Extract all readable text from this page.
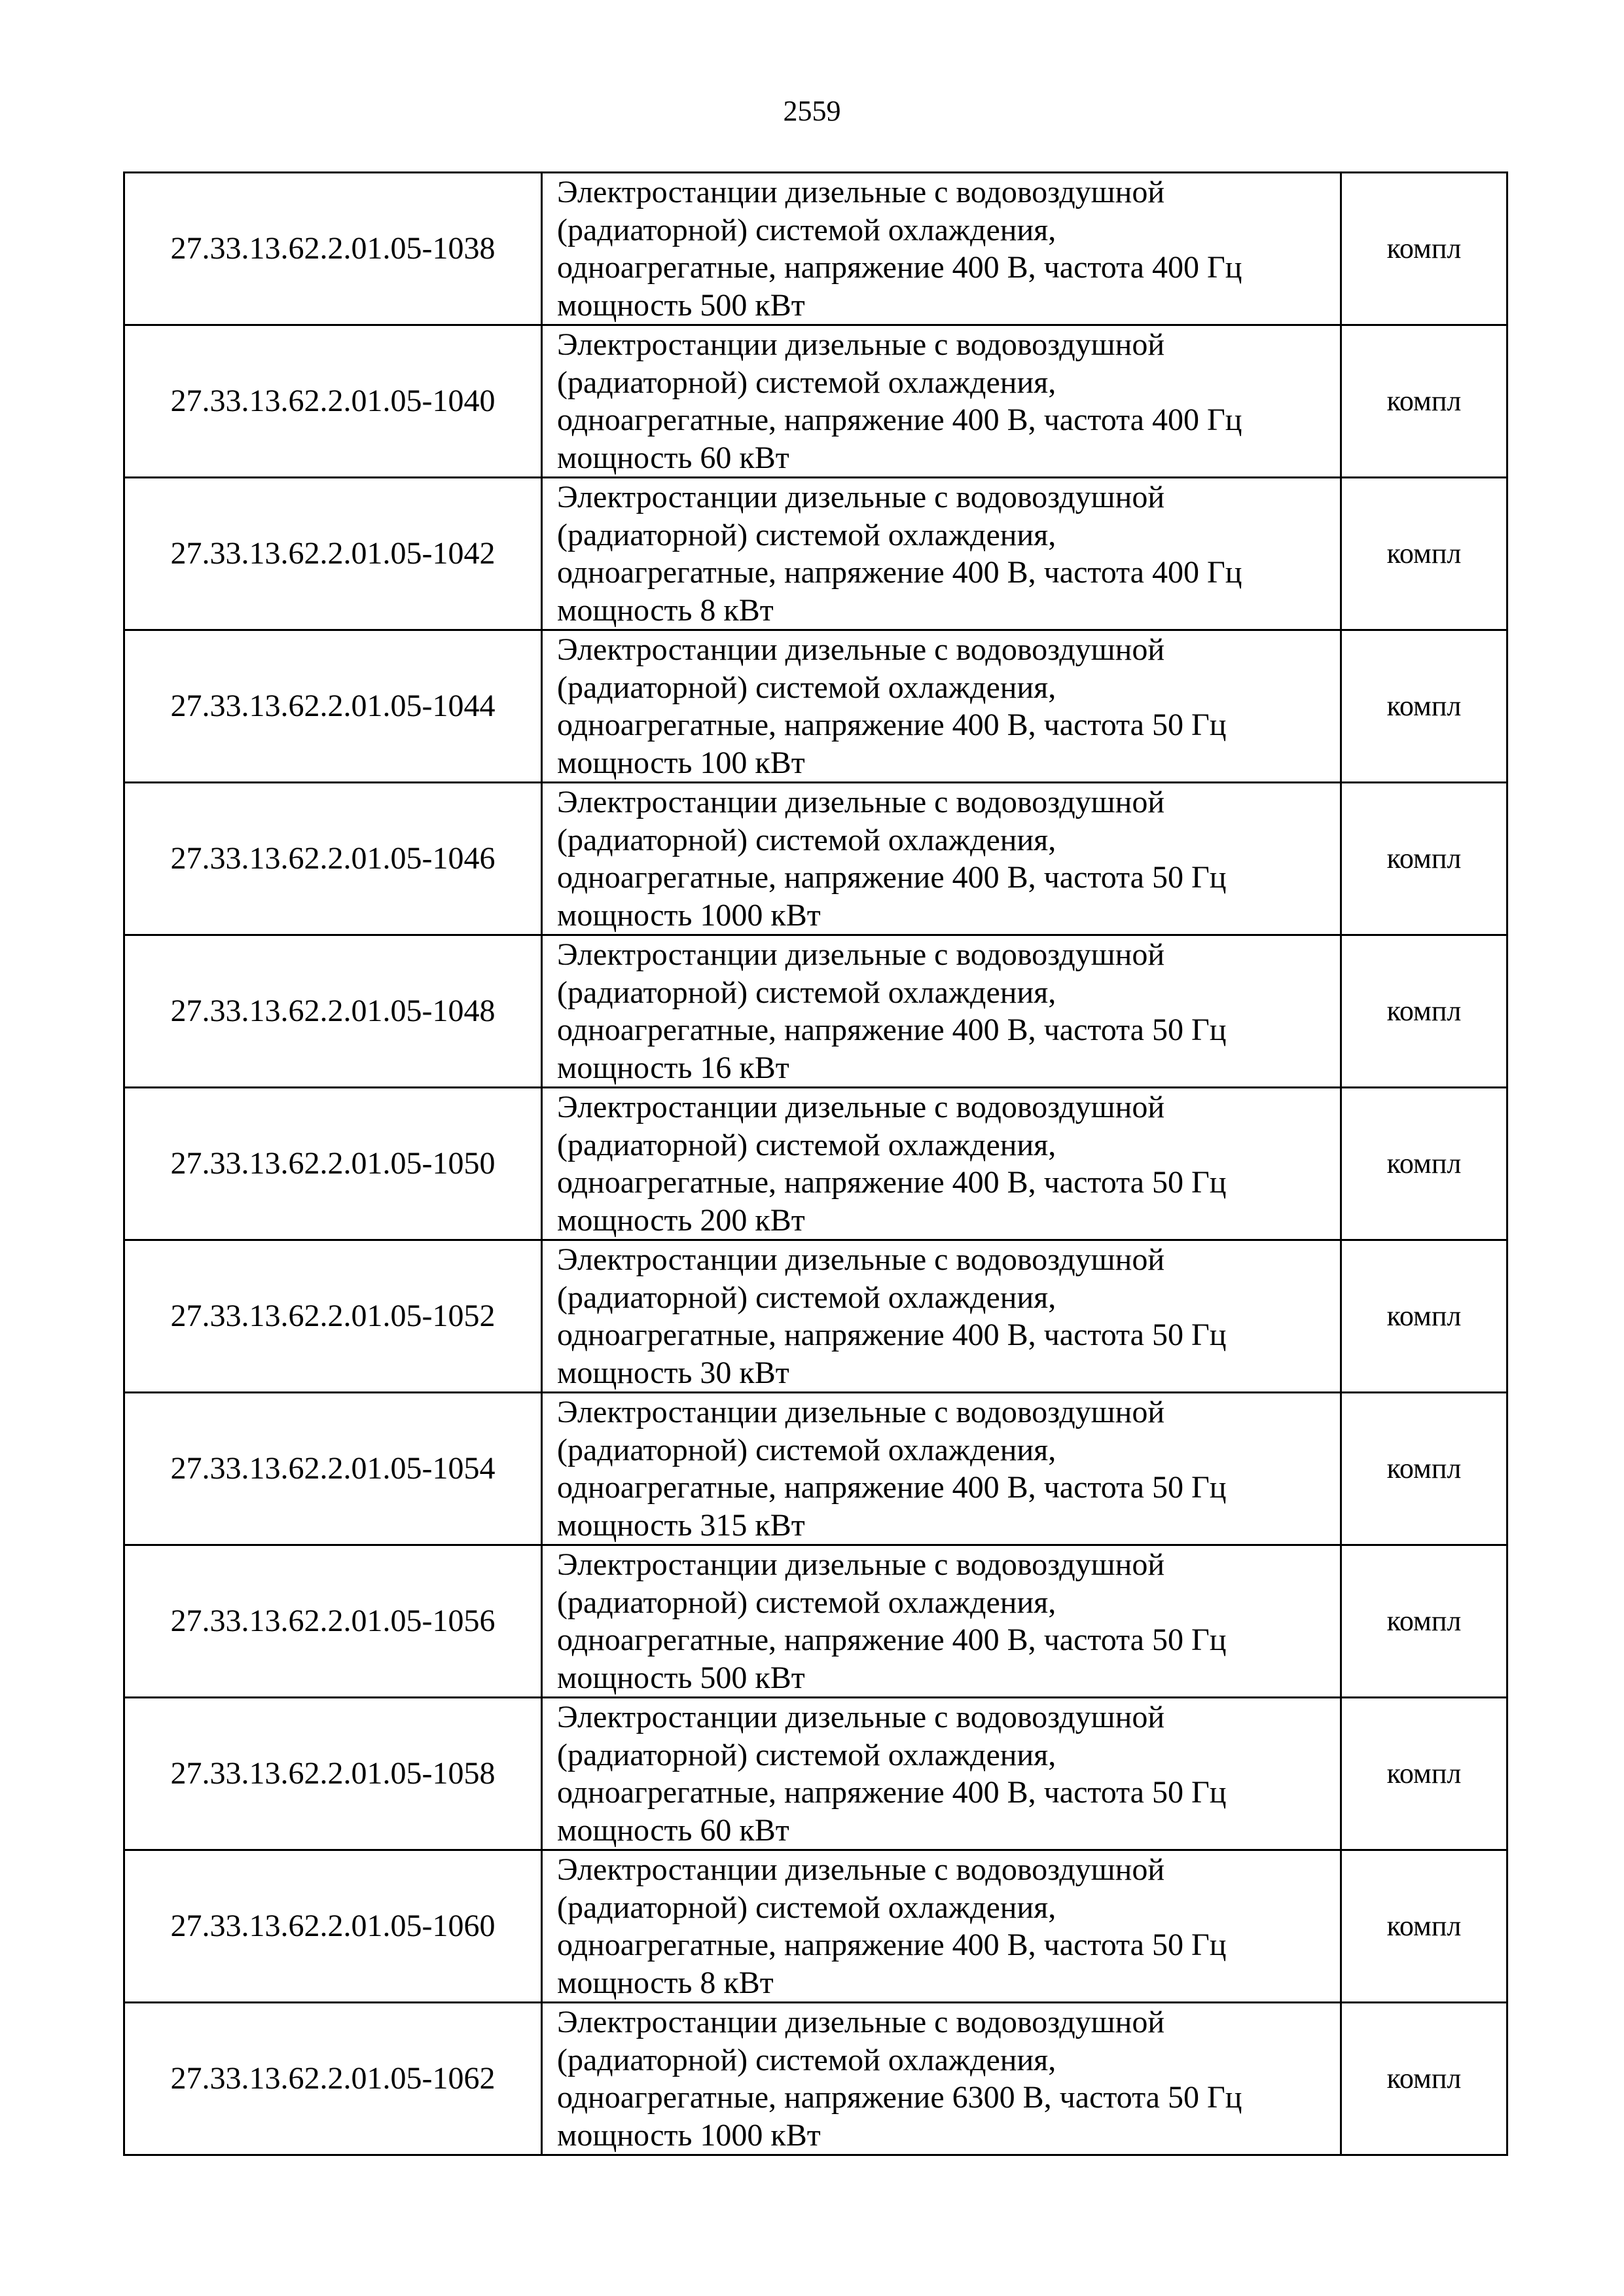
2559
27.33.13.62.2.01.05-1038	Электростанции дизельные с водовоздушной
(радиаторной) системой охлаждения,
одноагрегатные, напряжение 400 В, частота 400 Гц
мощность 500 кВт	компл
27.33.13.62.2.01.05-1040	Электростанции дизельные с водовоздушной
(радиаторной) системой охлаждения,
одноагрегатные, напряжение 400 В, частота 400 Гц
мощность 60 кВт	компл
27.33.13.62.2.01.05-1042	Электростанции дизельные с водовоздушной
(радиаторной) системой охлаждения,
одноагрегатные, напряжение 400 В, частота 400 Гц
мощность 8 кВт	компл
27.33.13.62.2.01.05-1044	Электростанции дизельные с водовоздушной
(радиаторной) системой охлаждения,
одноагрегатные, напряжение 400 В, частота 50 Гц
мощность 100 кВт	компл
27.33.13.62.2.01.05-1046	Электростанции дизельные с водовоздушной
(радиаторной) системой охлаждения,
одноагрегатные, напряжение 400 В, частота 50 Гц
мощность 1000 кВт	компл
27.33.13.62.2.01.05-1048	Электростанции дизельные с водовоздушной
(радиаторной) системой охлаждения,
одноагрегатные, напряжение 400 В, частота 50 Гц
мощность 16 кВт	компл
27.33.13.62.2.01.05-1050	Электростанции дизельные с водовоздушной
(радиаторной) системой охлаждения,
одноагрегатные, напряжение 400 В, частота 50 Гц
мощность 200 кВт	компл
27.33.13.62.2.01.05-1052	Электростанции дизельные с водовоздушной
(радиаторной) системой охлаждения,
одноагрегатные, напряжение 400 В, частота 50 Гц
мощность 30 кВт	компл
27.33.13.62.2.01.05-1054	Электростанции дизельные с водовоздушной
(радиаторной) системой охлаждения,
одноагрегатные, напряжение 400 В, частота 50 Гц
мощность 315 кВт	компл
27.33.13.62.2.01.05-1056	Электростанции дизельные с водовоздушной
(радиаторной) системой охлаждения,
одноагрегатные, напряжение 400 В, частота 50 Гц
мощность 500 кВт	компл
27.33.13.62.2.01.05-1058	Электростанции дизельные с водовоздушной
(радиаторной) системой охлаждения,
одноагрегатные, напряжение 400 В, частота 50 Гц
мощность 60 кВт	компл
27.33.13.62.2.01.05-1060	Электростанции дизельные с водовоздушной
(радиаторной) системой охлаждения,
одноагрегатные, напряжение 400 В, частота 50 Гц
мощность 8 кВт	компл
27.33.13.62.2.01.05-1062	Электростанции дизельные с водовоздушной
(радиаторной) системой охлаждения,
одноагрегатные, напряжение 6300 В, частота 50 Гц
мощность 1000 кВт	компл
